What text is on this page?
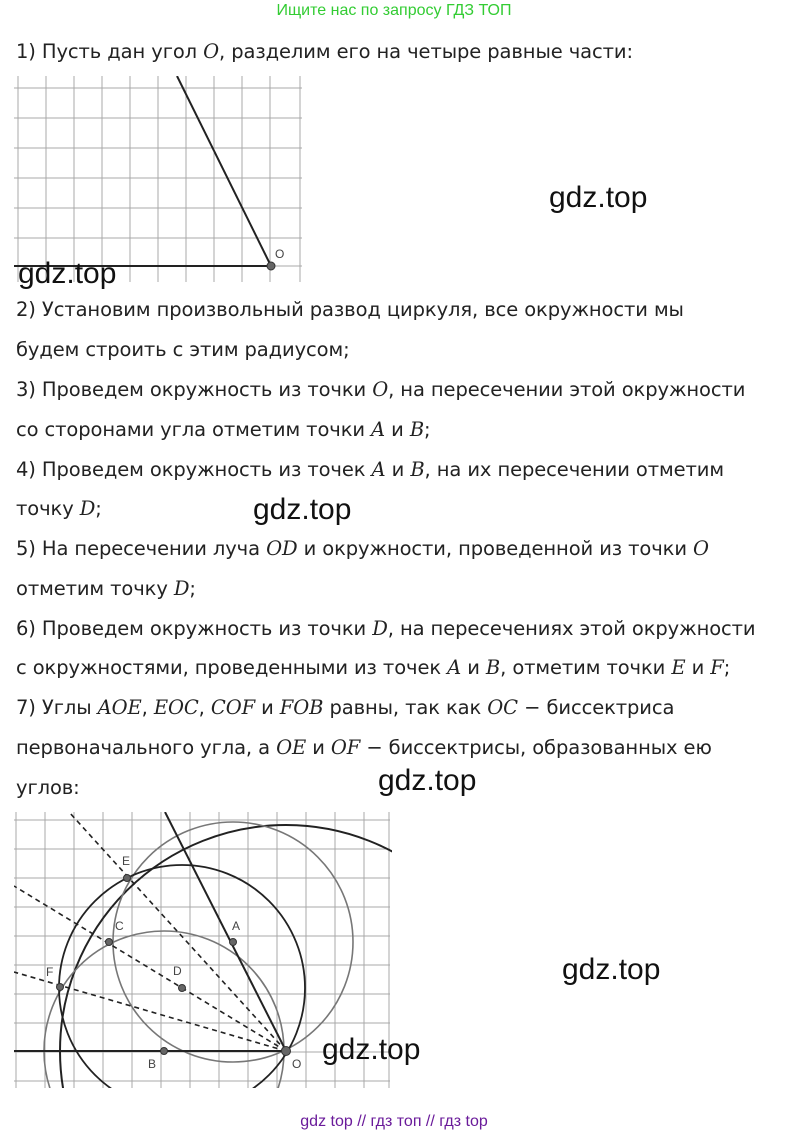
Ищите нас по запросу ГДЗ ТОП
1) Пусть дан угол O, разделим его на четыре равные части:
O
gdz.top
gdz.top
2) Установим произвольный развод циркуля, все окружности мы
будем строить с этим радиусом;
3) Проведем окружность из точки O, на пересечении этой окружности
со сторонами угла отметим точки A и B;
4) Проведем окружность из точек A и B, на их пересечении отметим
точку D;	gdz.top
5) На пересечении луча OD и окружности, проведенной из точки O
отметим точку D;
6) Проведем окружность из точки D, на пересечениях этой окружности
с окружностями, проведенными из точек A и B, отметим точки E и F;
7) Углы AOE, EOC, COF и FOB равны, так как OC − биссектриса
первоначального угла, а OE и OF − биссектрисы, образованных ею
углов:	gdz.top
E
C	A
F	D
B	O
gdz.top
gdz.top
gdz top // гдз топ // гдз top
